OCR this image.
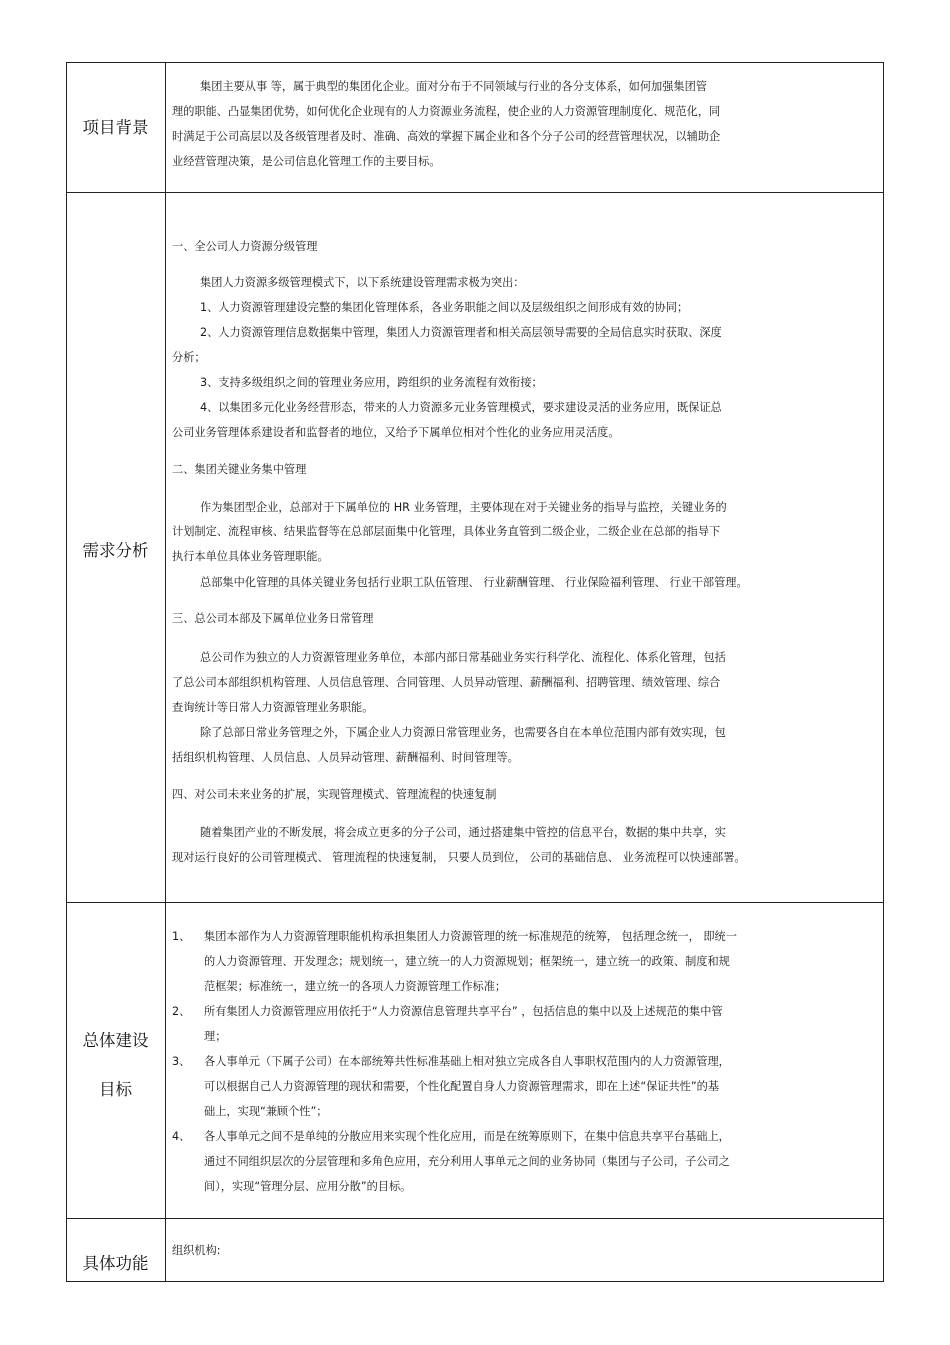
项目背景
集团主要从事 等，属于典型的集团化企业。面对分布于不同领域与行业的各分支体系，如何加强集团管
理的职能、凸显集团优势，如何优化企业现有的人力资源业务流程，使企业的人力资源管理制度化、规范化，同
时满足于公司高层以及各级管理者及时、准确、高效的掌握下属企业和各个分子公司的经营管理状况，以辅助企
业经营管理决策，是公司信息化管理工作的主要目标。
需求分析
一、全公司人力资源分级管理
集团人力资源多级管理模式下，以下系统建设管理需求极为突出：
1、人力资源管理建设完整的集团化管理体系，各业务职能之间以及层级组织之间形成有效的协同；
2、人力资源管理信息数据集中管理，集团人力资源管理者和相关高层领导需要的全局信息实时获取、深度
分析；
3、支持多级组织之间的管理业务应用，跨组织的业务流程有效衔接；
4、以集团多元化业务经营形态，带来的人力资源多元业务管理模式，要求建设灵活的业务应用，既保证总
公司业务管理体系建设者和监督者的地位，又给予下属单位相对个性化的业务应用灵活度。
二、集团关键业务集中管理
作为集团型企业，总部对于下属单位的 HR 业务管理，主要体现在对于关键业务的指导与监控，关键业务的
计划制定、流程审核、结果监督等在总部层面集中化管理，具体业务直管到二级企业，二级企业在总部的指导下
执行本单位具体业务管理职能。
总部集中化管理的具体关键业务包括行业职工队伍管理、 行业薪酬管理、 行业保险福利管理、 行业干部管理。
三、总公司本部及下属单位业务日常管理
总公司作为独立的人力资源管理业务单位，本部内部日常基础业务实行科学化、流程化、体系化管理，包括
了总公司本部组织机构管理、人员信息管理、合同管理、人员异动管理、薪酬福利、招聘管理、绩效管理、综合
查询统计等日常人力资源管理业务职能。
除了总部日常业务管理之外，下属企业人力资源日常管理业务，也需要各自在本单位范围内部有效实现，包
括组织机构管理、人员信息、人员异动管理、薪酬福利、时间管理等。
四、对公司未来业务的扩展，实现管理模式、管理流程的快速复制
随着集团产业的不断发展，将会成立更多的分子公司，通过搭建集中管控的信息平台，数据的集中共享，实
现对运行良好的公司管理模式、 管理流程的快速复制， 只要人员到位， 公司的基础信息、 业务流程可以快速部署。
总体建设
目标
1、 集团本部作为人力资源管理职能机构承担集团人力资源管理的统一标准规范的统筹， 包括理念统一， 即统一
的人力资源管理、开发理念；规划统一，建立统一的人力资源规划；框架统一，建立统一的政策、制度和规
范框架；标准统一，建立统一的各项人力资源管理工作标准；
2、 所有集团人力资源管理应用依托于“人力资源信息管理共享平台” ，包括信息的集中以及上述规范的集中管
理；
3、 各人事单元（下属子公司）在本部统筹共性标准基础上相对独立完成各自人事职权范围内的人力资源管理，
可以根据自己人力资源管理的现状和需要，个性化配置自身人力资源管理需求，即在上述“保证共性”的基
础上，实现“兼顾个性”；
4、 各人事单元之间不是单纯的分散应用来实现个性化应用，而是在统筹原则下，在集中信息共享平台基础上，
通过不同组织层次的分层管理和多角色应用，充分利用人事单元之间的业务协同（集团与子公司，子公司之
间），实现“管理分层、应用分散”的目标。
具体功能
组织机构:
